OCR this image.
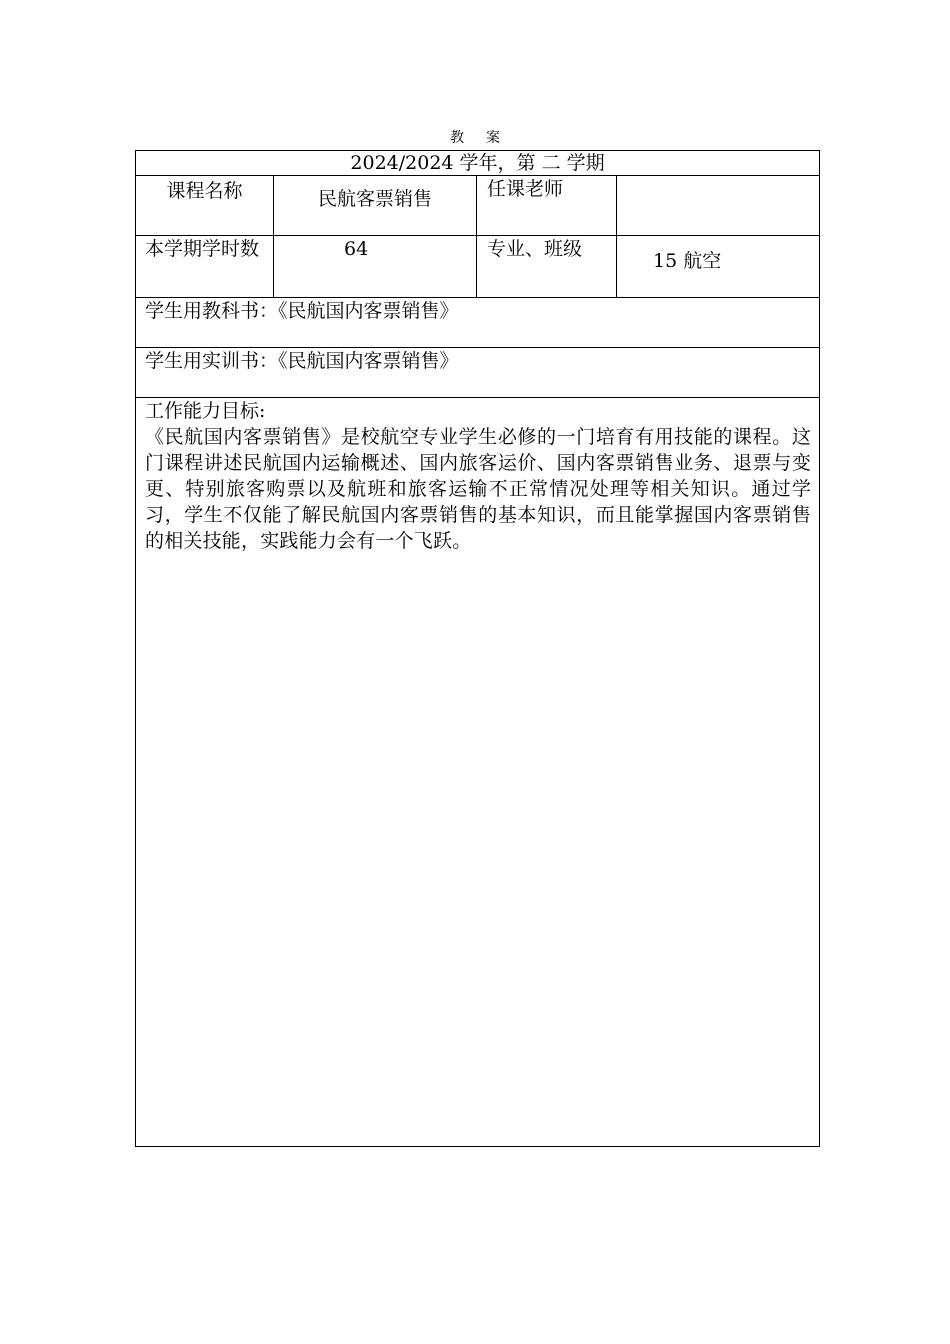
教案
2024/2024 学年，第 二 学期			
课程名称	民航客票销售	任课老师	
本学期学时数	64	专业、班级	15 航空
学生用教科书：《民航国内客票销售》			
学生用实训书：《民航国内客票销售》			

工作能力目标:
《民航国内客票销售》是校航空专业学生必修的一门培育有用技能的课程。这门课程讲述民航国内运输概述、国内旅客运价、国内客票销售业务、退票与变更、特别旅客购票以及航班和旅客运输不正常情况处理等相关知识。通过学习，学生不仅能了解民航国内客票销售的基本知识，而且能掌握国内客票销售的相关技能，实践能力会有一个飞跃。			
